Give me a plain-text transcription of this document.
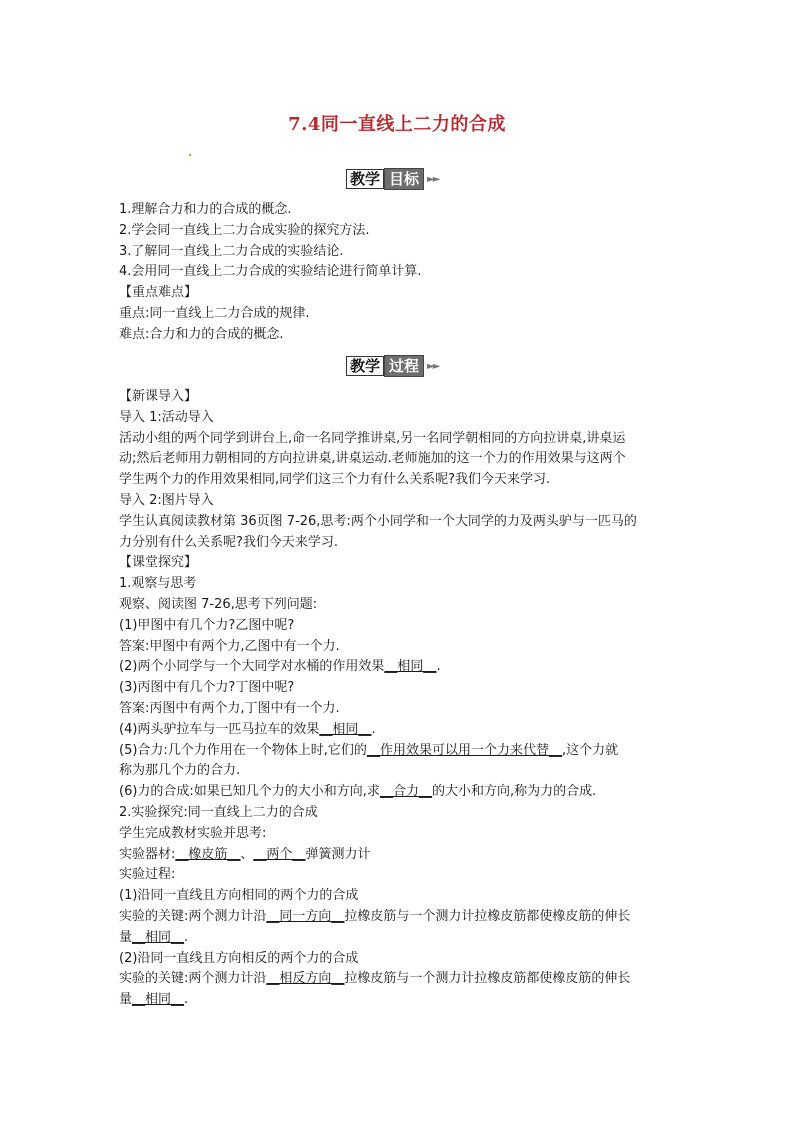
7.4同一直线上二力的合成
教学 目标 ►►
1.理解合力和力的合成的概念.
2.学会同一直线上二力合成实验的探究方法.
3.了解同一直线上二力合成的实验结论.
4.会用同一直线上二力合成的实验结论进行简单计算.
【重点难点】
重点:同一直线上二力合成的规律.
难点:合力和力的合成的概念.
教学 过程 ►►
【新课导入】
导入 1:活动导入
活动小组的两个同学到讲台上,命一名同学推讲桌,另一名同学朝相同的方向拉讲桌,讲桌运
动;然后老师用力朝相同的方向拉讲桌,讲桌运动.老师施加的这一个力的作用效果与这两个
学生两个力的作用效果相同,同学们这三个力有什么关系呢?我们今天来学习.
导入 2:图片导入
学生认真阅读教材第 36页图 7-26,思考:两个小同学和一个大同学的力及两头驴与一匹马的
力分别有什么关系呢?我们今天来学习.
【课堂探究】
1.观察与思考
观察、阅读图 7-26,思考下列问题:
(1)甲图中有几个力?乙图中呢?
答案:甲图中有两个力,乙图中有一个力.
(2)两个小同学与一个大同学对水桶的作用效果__相同__.
(3)丙图中有几个力?丁图中呢?
答案:丙图中有两个力,丁图中有一个力.
(4)两头驴拉车与一匹马拉车的效果__相同__.
(5)合力:几个力作用在一个物体上时,它们的__作用效果可以用一个力来代替__,这个力就
称为那几个力的合力.
(6)力的合成:如果已知几个力的大小和方向,求__合力__的大小和方向,称为力的合成.
2.实验探究:同一直线上二力的合成
学生完成教材实验并思考:
实验器材:__橡皮筋__、__两个__弹簧测力计
实验过程:
(1)沿同一直线且方向相同的两个力的合成
实验的关键:两个测力计沿__同一方向__拉橡皮筋与一个测力计拉橡皮筋都使橡皮筋的伸长
量__相同__.
(2)沿同一直线且方向相反的两个力的合成
实验的关键:两个测力计沿__相反方向__拉橡皮筋与一个测力计拉橡皮筋都使橡皮筋的伸长
量__相同__.
